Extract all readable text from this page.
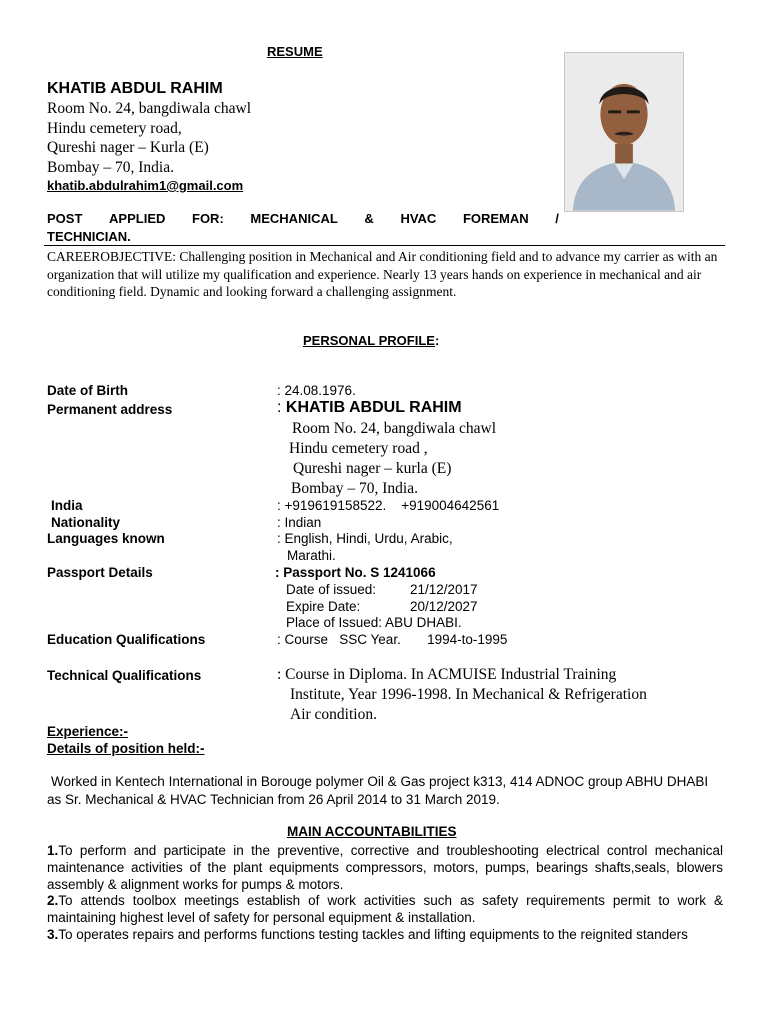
RESUME

KHATIB ABDUL RAHIM

Room No. 24, bangdiwala chawl

Hindu cemetery road,

Qureshi nager – Kurla (E)

Bombay – 70, India.

khatib.abdulrahim1@gmail.com

POST APPLIED FOR: MECHANICAL & HVAC FOREMAN /

TECHNICIAN.

CAREEROBJECTIVE: Challenging position in Mechanical and Air conditioning field and to advance my carrier as with an organization that will utilize my qualification and experience. Nearly 13 years hands on experience in mechanical and air conditioning field. Dynamic and looking forward a challenging assignment.

PERSONAL PROFILE:

Date of Birth	: 24.08.1976.

Permanent address	: KHATIB ABDUL RAHIM

Room No. 24, bangdiwala chawl

Hindu cemetery road ,

Qureshi nager – kurla (E)

Bombay – 70, India.

India	: +919619158522.    +919004642561

Nationality	: Indian

Languages known	: English, Hindi, Urdu, Arabic,

Marathi.

Passport Details	: Passport No. S 1241066

Date of issued:	21/12/2017

Expire Date:	20/12/2027

Place of Issued: ABU DHABI.

Education Qualifications	: Course   SSC Year.       1994-to-1995

Technical Qualifications	: Course in Diploma. In ACMUISE Industrial Training

Institute, Year 1996-1998. In Mechanical & Refrigeration

Air condition.

Experience:-

Details of position held:-

Worked in Kentech International in Borouge polymer Oil & Gas project k313, 414 ADNOC group ABHU DHABI as Sr. Mechanical & HVAC Technician from 26 April 2014 to 31 March 2019.

MAIN ACCOUNTABILITIES

1.To perform and participate in the preventive, corrective and troubleshooting electrical control mechanical maintenance activities of the plant equipments compressors, motors, pumps, bearings shafts,seals, blowers assembly & alignment works for pumps & motors.

2.To attends toolbox meetings establish of work activities such as safety requirements permit to work & maintaining highest level of safety for personal equipment & installation.

3.To operates repairs and performs functions testing tackles and lifting equipments to the reignited standers
